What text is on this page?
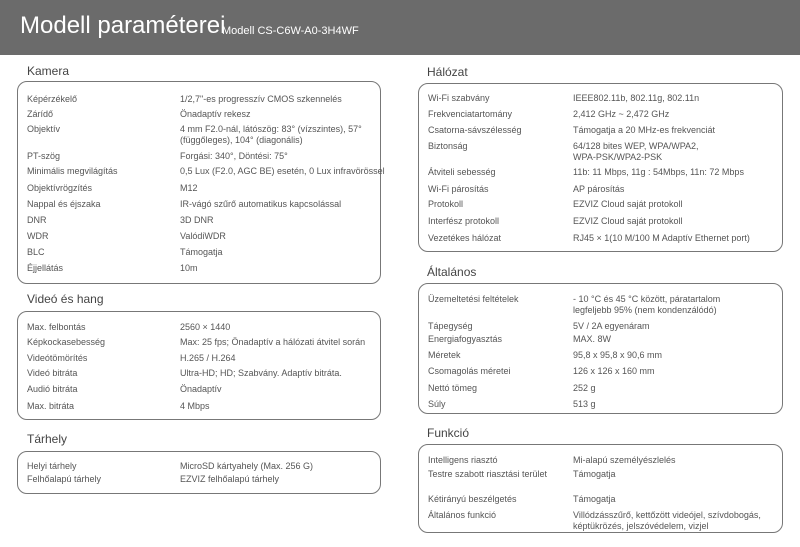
Modell paraméterei
Modell CS-C6W-A0-3H4WF
Kamera
Képérzékelő	1/2,7"-es progresszív CMOS szkennelés
Zárídő	Önadaptív rekesz
Objektív	4 mm F2.0-nál, látószög: 83° (vízszintes), 57° (függőleges), 104° (diagonális)
PT-szög	Forgási: 340°, Döntési: 75°
Minimális megvilágítás	0,5 Lux (F2.0, AGC BE) esetén, 0 Lux infravörössel
Objektívrögzítés	M12
Nappal és éjszaka	IR-vágó szűrő automatikus kapcsolással
DNR	3D DNR
WDR	ValódiWDR
BLC	Támogatja
Éjjellátás	10m
Videó és hang
Max. felbontás	2560 × 1440
Képkockasebesség	Max: 25 fps; Önadaptív a hálózati átvitel során
Videótömörítés	H.265 / H.264
Videó bitráta	Ultra-HD; HD; Szabvány. Adaptív bitráta.
Audió bitráta	Önadaptív
Max. bitráta	4 Mbps
Tárhely
Helyi tárhely	MicroSD kártyahely (Max. 256 G)
Felhőalapú tárhely	EZVIZ felhőalapú tárhely
Hálózat
Wi-Fi szabvány	IEEE802.11b, 802.11g, 802.11n
Frekvenciatartomány	2,412 GHz ~ 2,472 GHz
Csatorna-sávszélesség	Támogatja a 20 MHz-es frekvenciát
Biztonság	64/128 bites WEP, WPA/WPA2, WPA-PSK/WPA2-PSK
Átviteli sebesség	11b: 11 Mbps, 11g : 54Mbps, 11n: 72 Mbps
Wi-Fi párosítás	AP párosítás
Protokoll	EZVIZ Cloud saját protokoll
Interfész protokoll	EZVIZ Cloud saját protokoll
Vezetékes hálózat	RJ45 × 1(10 M/100 M Adaptív Ethernet port)
Általános
Üzemeltetési feltételek	- 10 °C és 45 °C között, páratartalom legfeljebb 95% (nem kondenzálódó)
Tápegység	5V / 2A egyenáram
Energiafogyasztás	MAX. 8W
Méretek	95,8 x 95,8 x 90,6 mm
Csomagolás méretei	126 x 126 x 160 mm
Nettó tömeg	252 g
Súly	513 g
Funkció
Intelligens riasztó	Mi-alapú személyészlelés
Testre szabott riasztási terület	Támogatja
Kétirányú beszélgetés	Támogatja
Általános funkció	Villódzásszűrő, kettőzött videójel, szívdobogás, képtükrözés, jelszóvédelem, vizjel
